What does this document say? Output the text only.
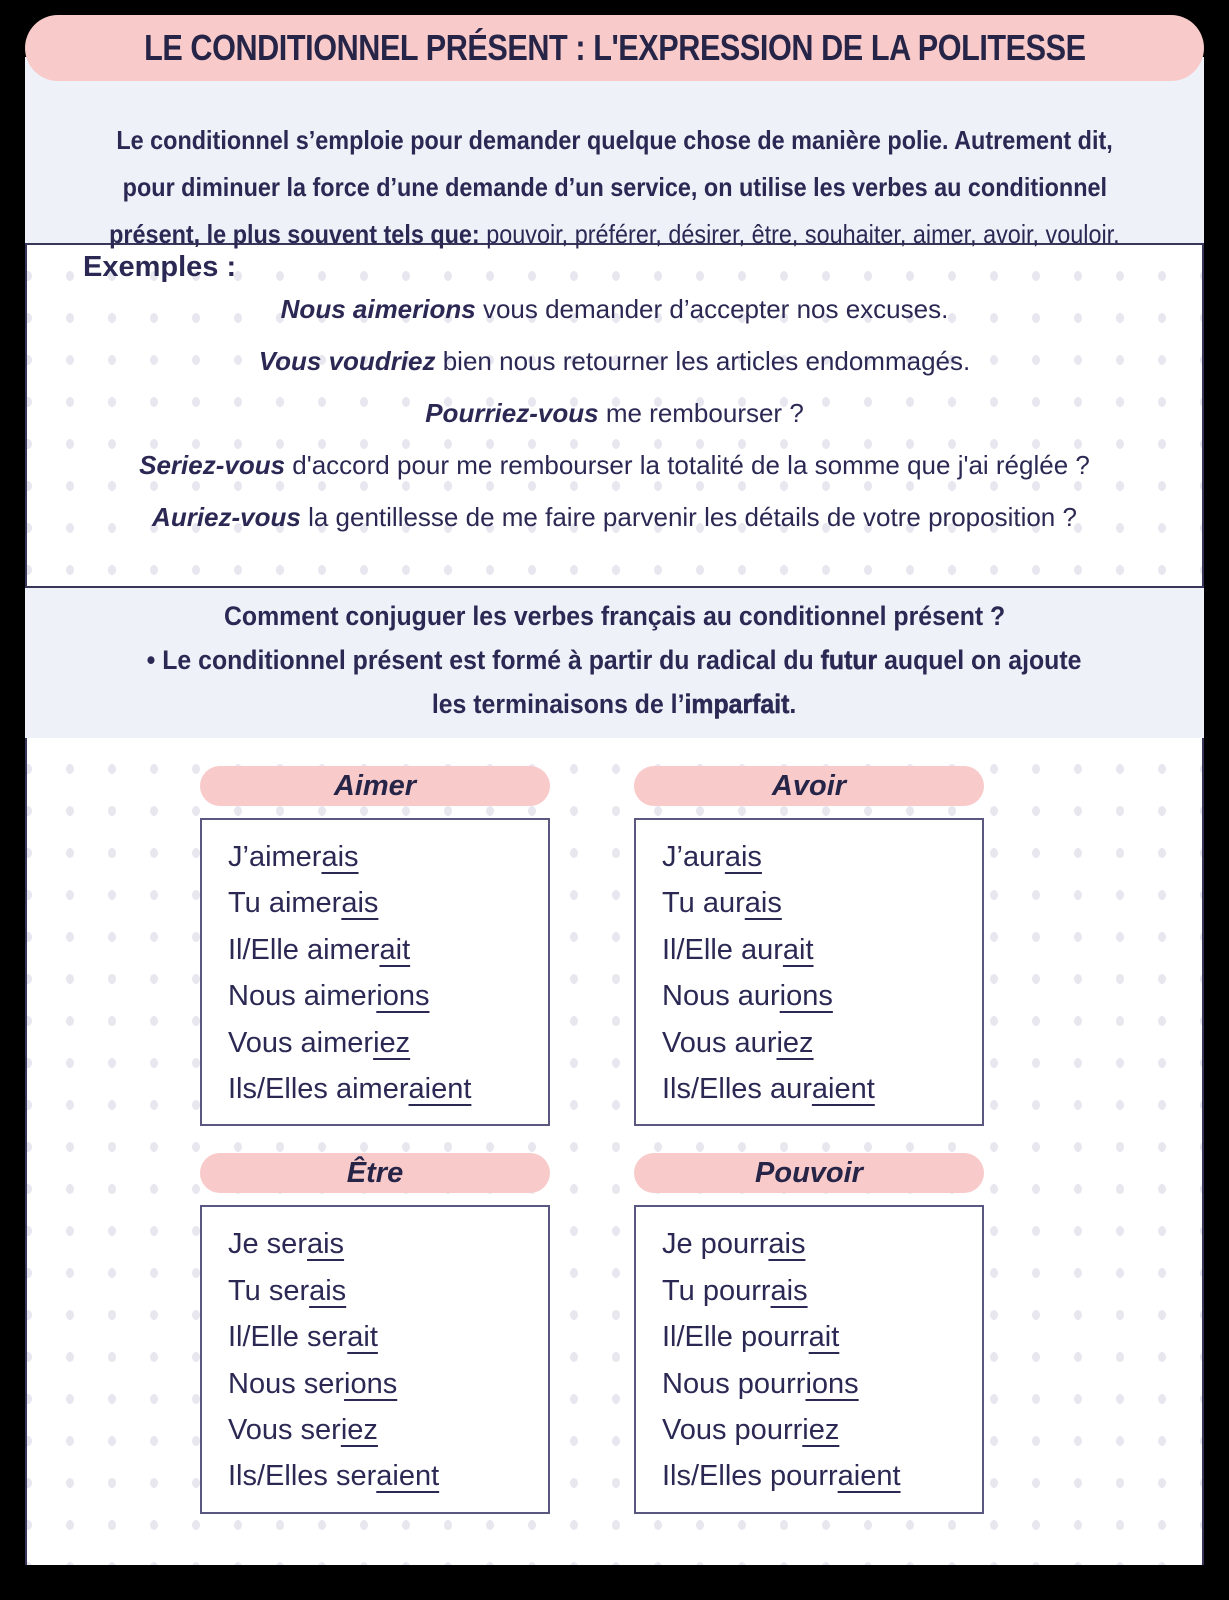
LE CONDITIONNEL PRÉSENT : L'EXPRESSION DE LA POLITESSE
Le conditionnel s’emploie pour demander quelque chose de manière polie. Autrement dit,
pour diminuer la force d’une demande d’un service, on utilise les verbes au conditionnel
présent, le plus souvent tels que: pouvoir, préférer, désirer, être, souhaiter, aimer, avoir, vouloir.
Exemples :
Nous aimerions vous demander d’accepter nos excuses.
Vous voudriez bien nous retourner les articles endommagés.
Pourriez-vous me rembourser ?
Seriez-vous d'accord pour me rembourser la totalité de la somme que j'ai réglée ?
Auriez-vous la gentillesse de me faire parvenir les détails de votre proposition ?
Comment conjuguer les verbes français au conditionnel présent ?
• Le conditionnel présent est formé à partir du radical du futur auquel on ajoute
les terminaisons de l’imparfait.
Aimer
J’aimerais
Tu aimerais
Il/Elle aimerait
Nous aimerions
Vous aimeriez
Ils/Elles aimeraient
Avoir
J’aurais
Tu aurais
Il/Elle aurait
Nous aurions
Vous auriez
Ils/Elles auraient
Être
Je serais
Tu serais
Il/Elle serait
Nous serions
Vous seriez
Ils/Elles seraient
Pouvoir
Je pourrais
Tu pourrais
Il/Elle pourrait
Nous pourrions
Vous pourriez
Ils/Elles pourraient
